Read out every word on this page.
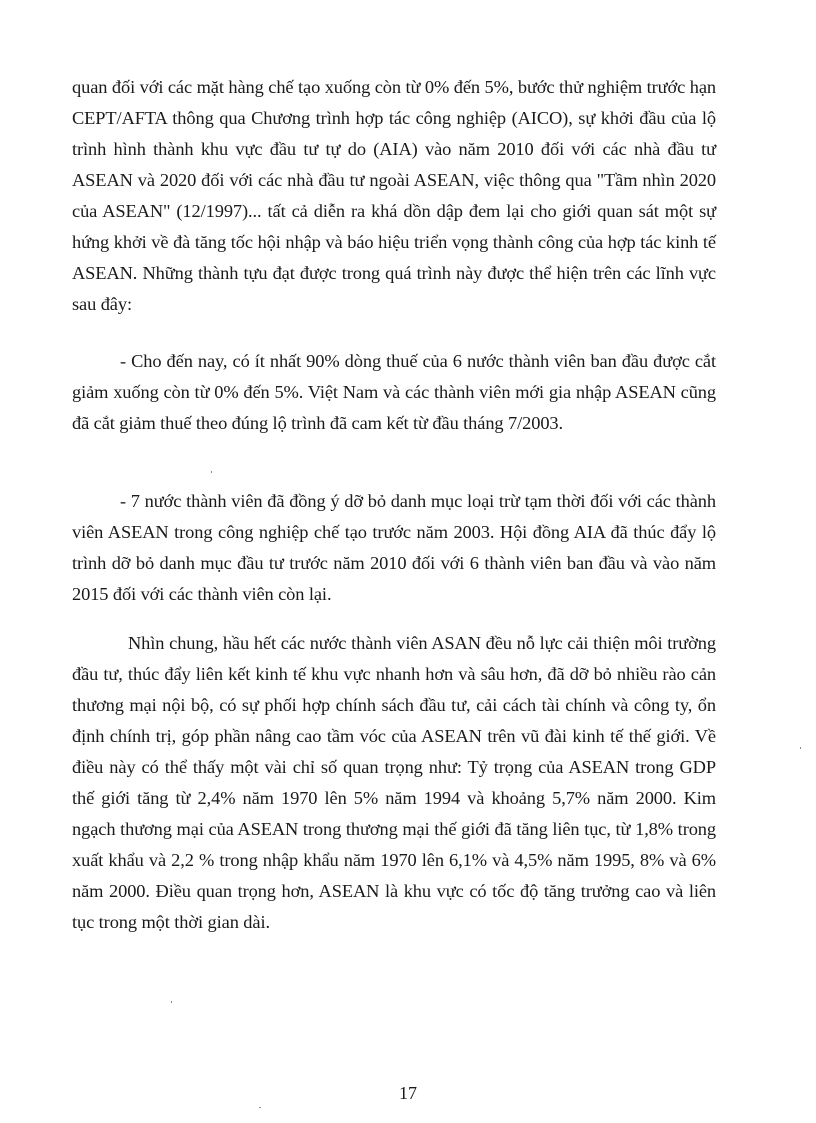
quan đối với các mặt hàng chế tạo xuống còn từ 0% đến 5%, bước thử nghiệm trước hạn CEPT/AFTA thông qua Chương trình hợp tác công nghiệp (AICO), sự khởi đầu của lộ trình hình thành khu vực đầu tư tự do (AIA) vào năm 2010 đối với các nhà đầu tư ASEAN và 2020 đối với các nhà đầu tư ngoài ASEAN, việc thông qua "Tầm nhìn 2020 của ASEAN" (12/1997)... tất cả diễn ra khá dồn dập đem lại cho giới quan sát một sự hứng khởi về đà tăng tốc hội nhập và báo hiệu triển vọng thành công của hợp tác kinh tế ASEAN. Những thành tựu đạt được trong quá trình này được thể hiện trên các lĩnh vực sau đây:

- Cho đến nay, có ít nhất 90% dòng thuế của 6 nước thành viên ban đầu được cắt giảm xuống còn từ 0% đến 5%. Việt Nam và các thành viên mới gia nhập ASEAN cũng đã cắt giảm thuế theo đúng lộ trình đã cam kết từ đầu tháng 7/2003.

- 7 nước thành viên đã đồng ý dỡ bỏ danh mục loại trừ tạm thời đối với các thành viên ASEAN trong công nghiệp chế tạo trước năm 2003. Hội đồng AIA đã thúc đẩy lộ trình dỡ bỏ danh mục đầu tư trước năm 2010 đối với 6 thành viên ban đầu và vào năm 2015 đối với các thành viên còn lại.

Nhìn chung, hầu hết các nước thành viên ASAN đều nỗ lực cải thiện môi trường đầu tư, thúc đẩy liên kết kinh tế khu vực nhanh hơn và sâu hơn, đã dỡ bỏ nhiều rào cản thương mại nội bộ, có sự phối hợp chính sách đầu tư, cải cách tài chính và công ty, ổn định chính trị, góp phần nâng cao tầm vóc của ASEAN trên vũ đài kinh tế thế giới. Về điều này có thể thấy một vài chỉ số quan trọng như: Tỷ trọng của ASEAN trong GDP thế giới tăng từ 2,4% năm 1970 lên 5% năm 1994 và khoảng 5,7% năm 2000. Kim ngạch thương mại của ASEAN trong thương mại thế giới đã tăng liên tục, từ 1,8% trong xuất khẩu và 2,2 % trong nhập khẩu năm 1970 lên 6,1% và 4,5% năm 1995, 8% và 6% năm 2000. Điều quan trọng hơn, ASEAN là khu vực có tốc độ tăng trưởng cao và liên tục trong một thời gian dài.

17
